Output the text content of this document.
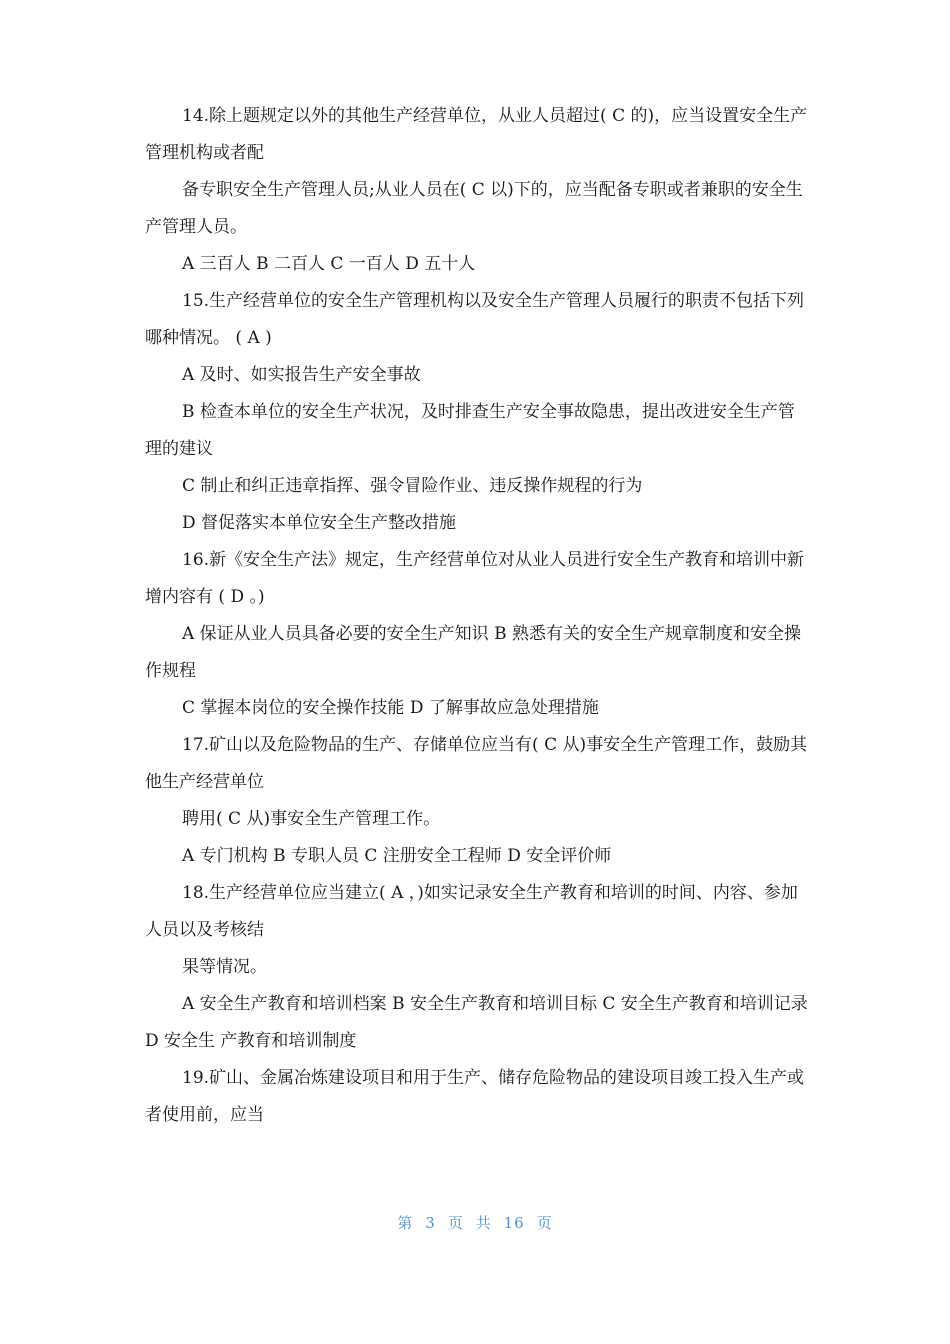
14.除上题规定以外的其他生产经营单位，从业人员超过( C 的)，应当设置安全生产管理机构或者配

备专职安全生产管理人员;从业人员在( C 以)下的，应当配备专职或者兼职的安全生产管理人员。

A 三百人 B 二百人 C 一百人 D 五十人

15.生产经营单位的安全生产管理机构以及安全生产管理人员履行的职责不包括下列哪种情况。 ( A )

A 及时、如实报告生产安全事故

B 检查本单位的安全生产状况，及时排查生产安全事故隐患，提出改进安全生产管理的建议

C 制止和纠正违章指挥、强令冒险作业、违反操作规程的行为

D 督促落实本单位安全生产整改措施

16.新《安全生产法》规定，生产经营单位对从业人员进行安全生产教育和培训中新增内容有 ( D 。)

A 保证从业人员具备必要的安全生产知识 B 熟悉有关的安全生产规章制度和安全操作规程

C 掌握本岗位的安全操作技能 D 了解事故应急处理措施

17.矿山以及危险物品的生产、存储单位应当有( C 从)事安全生产管理工作，鼓励其他生产经营单位

聘用( C 从)事安全生产管理工作。

A 专门机构 B 专职人员 C 注册安全工程师 D 安全评价师

18.生产经营单位应当建立( A ，)如实记录安全生产教育和培训的时间、内容、参加人员以及考核结

果等情况。

A 安全生产教育和培训档案 B 安全生产教育和培训目标 C 安全生产教育和培训记录 D 安全生 产教育和培训制度

19.矿山、金属冶炼建设项目和用于生产、储存危险物品的建设项目竣工投入生产或者使用前，应当

第 3 页 共 16 页
